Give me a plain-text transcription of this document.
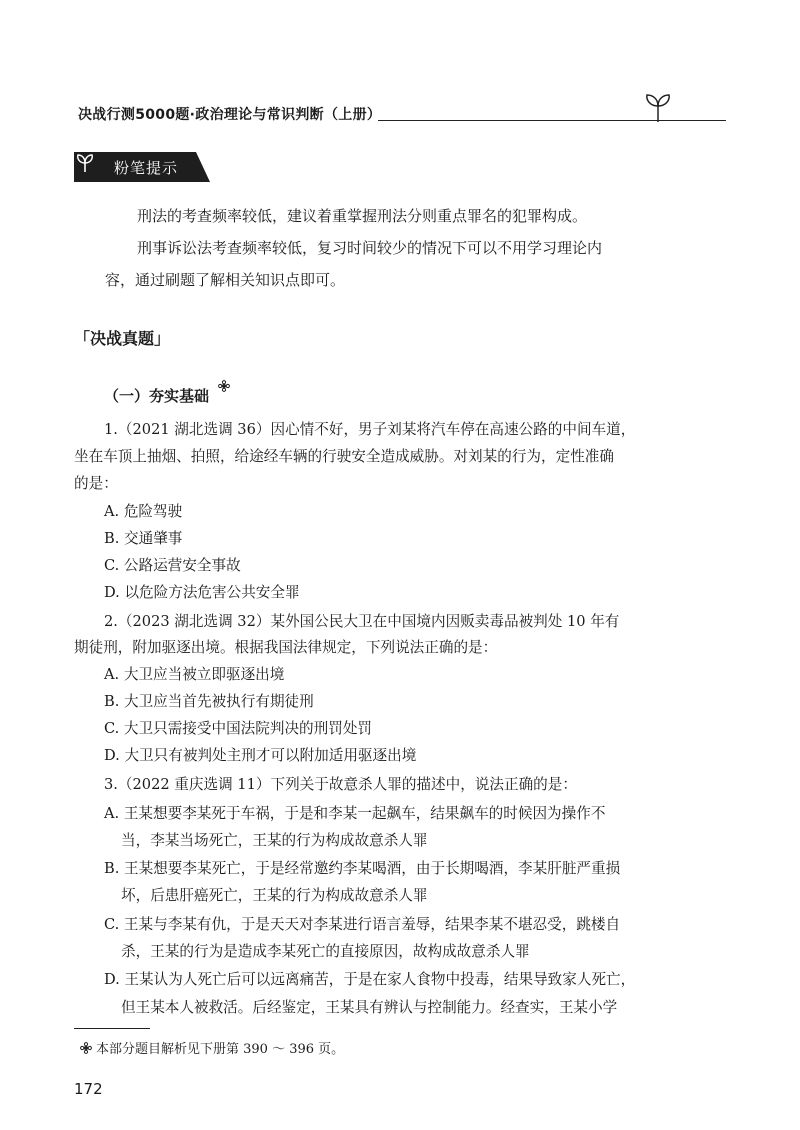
决战行测5000题·政治理论与常识判断（上册）
粉笔提示
刑法的考查频率较低，建议着重掌握刑法分则重点罪名的犯罪构成。
刑事诉讼法考查频率较低，复习时间较少的情况下可以不用学习理论内
容，通过刷题了解相关知识点即可。
「决战真题」
（一）夯实基础
1.（2021 湖北选调 36）因心情不好，男子刘某将汽车停在高速公路的中间车道，
坐在车顶上抽烟、拍照，给途经车辆的行驶安全造成威胁。对刘某的行为，定性准确
的是：
A. 危险驾驶
B. 交通肇事
C. 公路运营安全事故
D. 以危险方法危害公共安全罪
2.（2023 湖北选调 32）某外国公民大卫在中国境内因贩卖毒品被判处 10 年有
期徒刑，附加驱逐出境。根据我国法律规定，下列说法正确的是：
A. 大卫应当被立即驱逐出境
B. 大卫应当首先被执行有期徒刑
C. 大卫只需接受中国法院判决的刑罚处罚
D. 大卫只有被判处主刑才可以附加适用驱逐出境
3.（2022 重庆选调 11）下列关于故意杀人罪的描述中，说法正确的是：
A. 王某想要李某死于车祸，于是和李某一起飙车，结果飙车的时候因为操作不
当，李某当场死亡，王某的行为构成故意杀人罪
B. 王某想要李某死亡，于是经常邀约李某喝酒，由于长期喝酒，李某肝脏严重损
坏，后患肝癌死亡，王某的行为构成故意杀人罪
C. 王某与李某有仇，于是天天对李某进行语言羞辱，结果李某不堪忍受，跳楼自
杀，王某的行为是造成李某死亡的直接原因，故构成故意杀人罪
D. 王某认为人死亡后可以远离痛苦，于是在家人食物中投毒，结果导致家人死亡，
但王某本人被救活。后经鉴定，王某具有辨认与控制能力。经查实，王某小学
本部分题目解析见下册第 390 ～ 396 页。
172
